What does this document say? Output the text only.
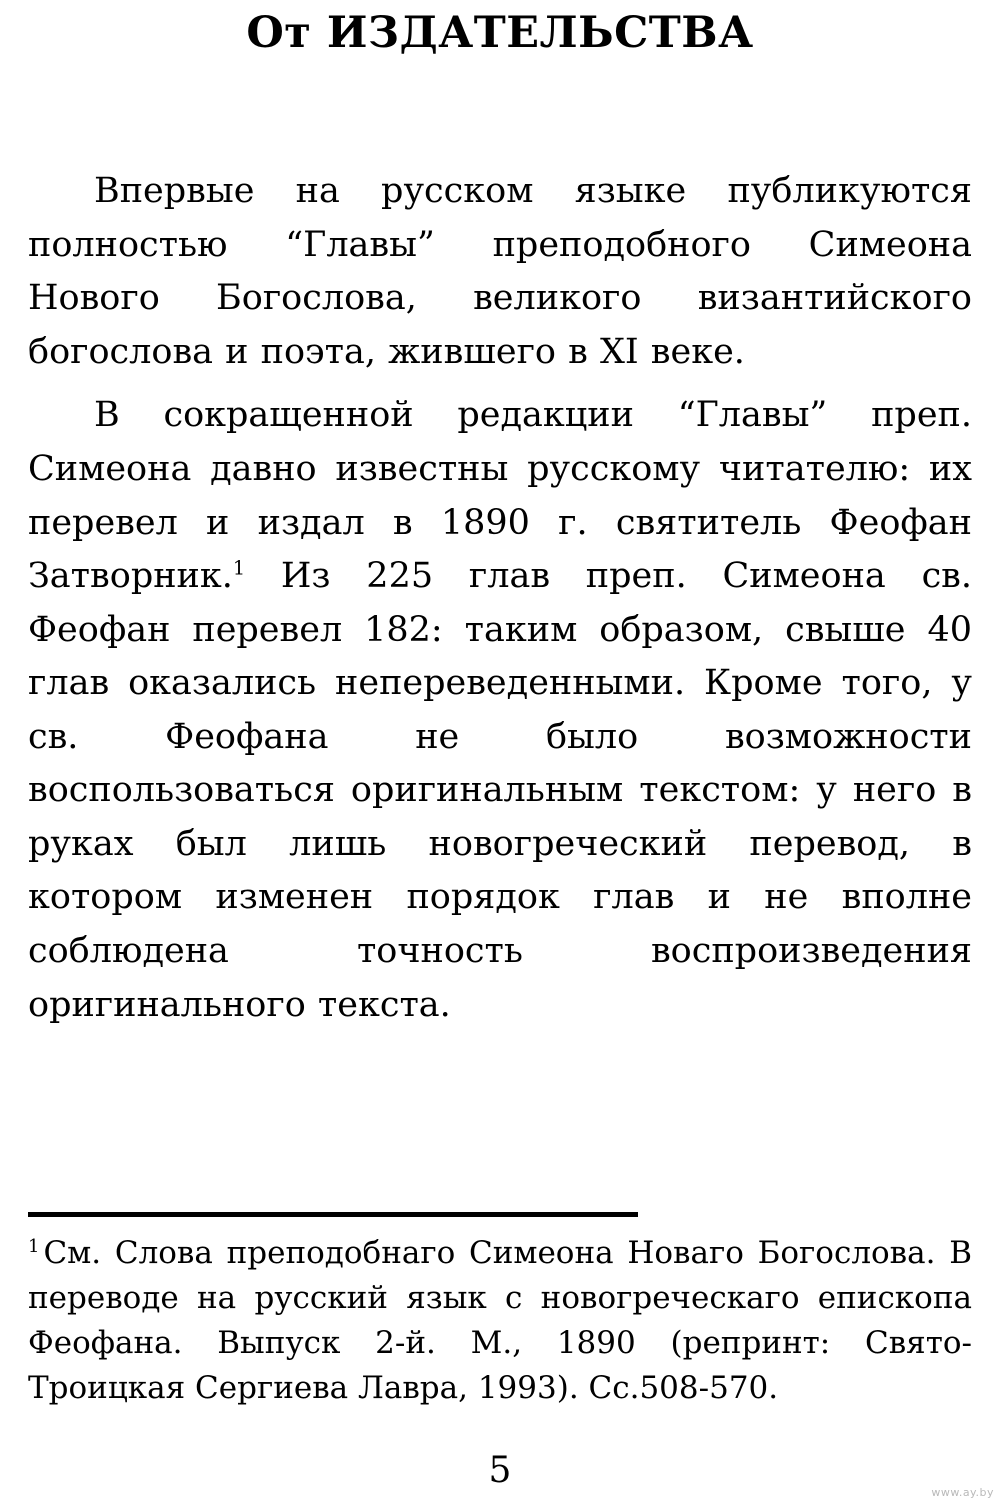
От ИЗДАТЕЛЬСТВА

Впервые на русском языке публикуются полностью “Главы” преподобного Симеона Нового Богослова, великого византийского богослова и поэта, жившего в XI веке.

В сокращенной редакции “Главы” преп. Симеона давно известны русскому читателю: их перевел и издал в 1890 г. святитель Феофан Затворник.$^1$ Из 225 глав преп. Симеона св. Феофан перевел 182: таким образом, свыше 40 глав оказались непереведенными. Кроме того, у св. Феофана не было возможности воспользоваться оригинальным текстом: у него в руках был лишь новогреческий перевод, в котором изменен порядок глав и не вполне соблюдена точность воспроизведения оригинального текста.

$^1$ См. Слова преподобнаго Симеона Новаго Богослова. В переводе на русский язык с новогреческаго епископа Феофана. Выпуск 2-й. М., 1890 (репринт: Свято-Троицкая Сергиева Лавра, 1993). Сс.508-570.

5
www.ay.by
